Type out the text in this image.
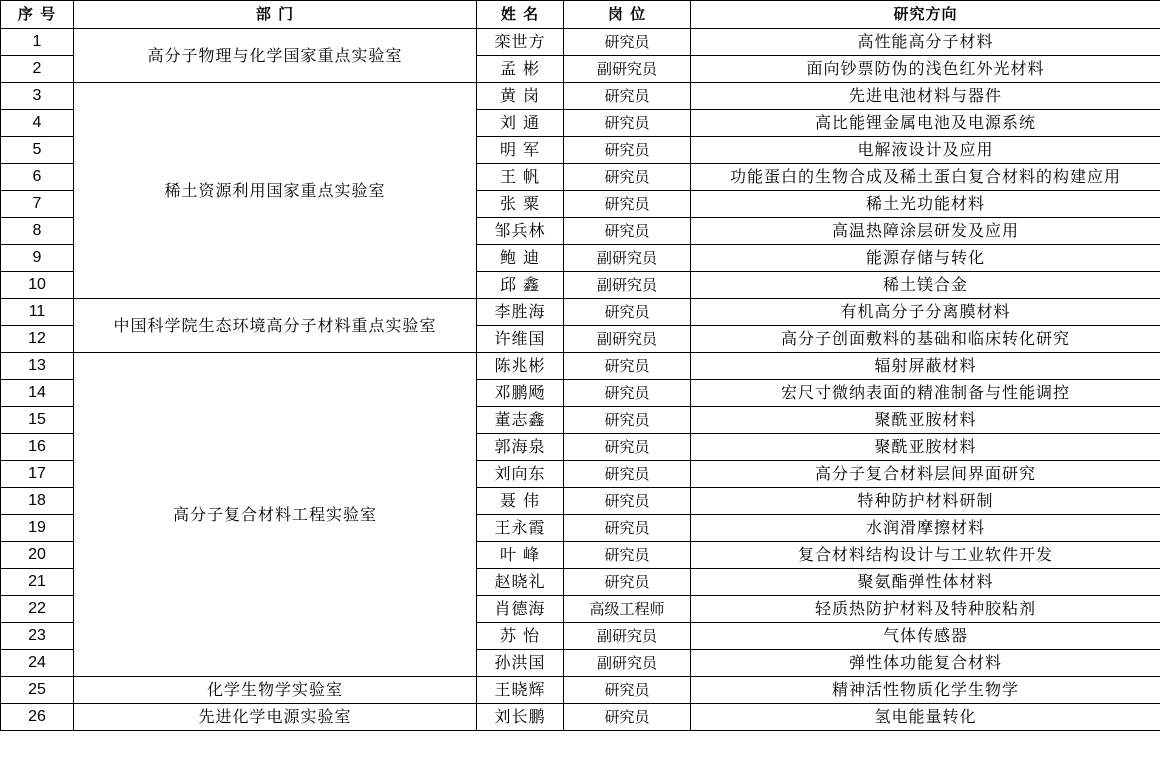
序 号	部 门	姓 名	岗 位	研究方向
1	高分子物理与化学国家重点实验室	栾世方	研究员	高性能高分子材料
2		孟 彬	副研究员	面向钞票防伪的浅色红外光材料
3	稀土资源利用国家重点实验室	黄 岗	研究员	先进电池材料与器件
4		刘 通	研究员	高比能锂金属电池及电源系统
5		明 军	研究员	电解液设计及应用
6		王 帆	研究员	功能蛋白的生物合成及稀土蛋白复合材料的构建应用
7		张 粟	研究员	稀土光功能材料
8		邹兵林	研究员	高温热障涂层研发及应用
9		鲍 迪	副研究员	能源存储与转化
10		邱 鑫	副研究员	稀土镁合金
11	中国科学院生态环境高分子材料重点实验室	李胜海	研究员	有机高分子分离膜材料
12		许维国	副研究员	高分子创面敷料的基础和临床转化研究
13	高分子复合材料工程实验室	陈兆彬	研究员	辐射屏蔽材料
14		邓鹏飏	研究员	宏尺寸微纳表面的精准制备与性能调控
15		董志鑫	研究员	聚酰亚胺材料
16		郭海泉	研究员	聚酰亚胺材料
17		刘向东	研究员	高分子复合材料层间界面研究
18		聂 伟	研究员	特种防护材料研制
19		王永霞	研究员	水润滑摩擦材料
20		叶 峰	研究员	复合材料结构设计与工业软件开发
21		赵晓礼	研究员	聚氨酯弹性体材料
22		肖德海	高级工程师	轻质热防护材料及特种胶粘剂
23		苏 怡	副研究员	气体传感器
24		孙洪国	副研究员	弹性体功能复合材料
25	化学生物学实验室	王晓辉	研究员	精神活性物质化学生物学
26	先进化学电源实验室	刘长鹏	研究员	氢电能量转化
